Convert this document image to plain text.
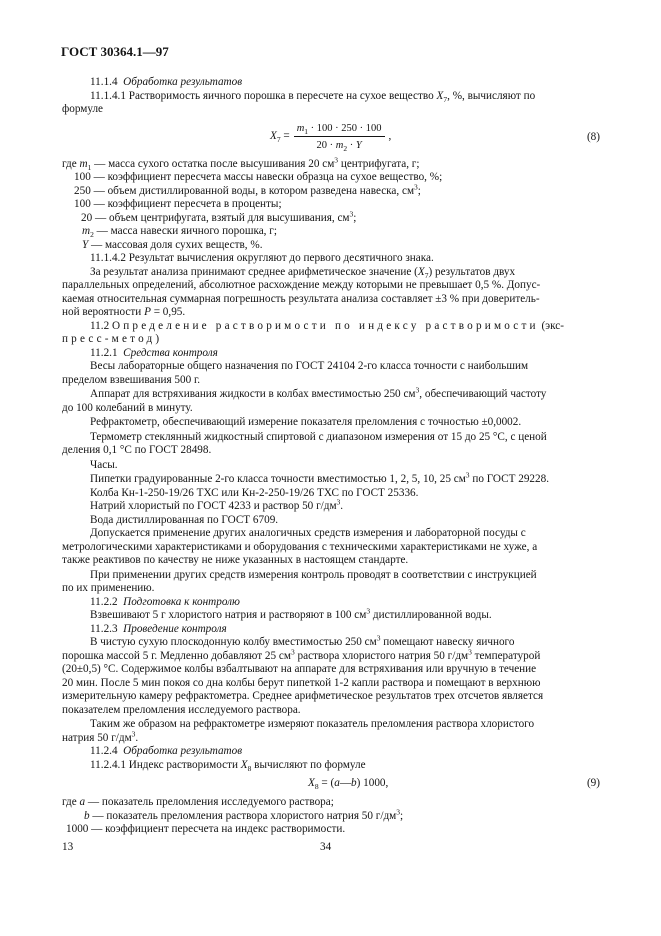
ГОСТ 30364.1—97
11.1.4 Обработка результатов
11.1.4.1 Растворимость яичного порошка в пересчете на сухое вещество $X_7$, %, вычисляют по
формуле
$X_7 = \frac{m_1 \cdot 100 \cdot 250 \cdot 100}{20 \cdot m_2 \cdot Y}$ ,	(8)
где $m_1$ — масса сухого остатка после высушивания 20 $см^3$ центрифугата, г;
100 — коэффициент пересчета массы навески образца на сухое вещество, %;
250 — объем дистиллированной воды, в котором разведена навеска, $см^3$;
100 — коэффициент пересчета в проценты;
20 — объем центрифугата, взятый для высушивания, $см^3$;
$m_2$ — масса навески яичного порошка, г;
Y — массовая доля сухих веществ, %.
11.1.4.2 Результат вычисления округляют до первого десятичного знака.
За результат анализа принимают среднее арифметическое значение $(X_7)$ результатов двух
параллельных определений, абсолютное расхождение между которыми не превышает 0,5 %. Допус-
каемая относительная суммарная погрешность результата анализа составляет ±3 % при доверитель-
ной вероятности P = 0,95.
11.2 Определение растворимости по индексу растворимости (экс-
пресс-метод)
11.2.1 Средства контроля
Весы лабораторные общего назначения по ГОСТ 24104 2-го класса точности с наибольшим
пределом взвешивания 500 г.
Аппарат для встряхивания жидкости в колбах вместимостью 250 $см^3$, обеспечивающий частоту
до 100 колебаний в минуту.
Рефрактометр, обеспечивающий измерение показателя преломления с точностью ±0,0002.
Термометр стеклянный жидкостный спиртовой с диапазоном измерения от 15 до 25 °С, с ценой
деления 0,1 °С по ГОСТ 28498.
Часы.
Пипетки градуированные 2-го класса точности вместимостью 1, 2, 5, 10, 25 $см^3$ по ГОСТ 29228.
Колба Кн-1-250-19/26 ТХС или Кн-2-250-19/26 ТХС по ГОСТ 25336.
Натрий хлористый по ГОСТ 4233 и раствор 50 $г/дм^3$.
Вода дистиллированная по ГОСТ 6709.
Допускается применение других аналогичных средств измерения и лабораторной посуды с
метрологическими характеристиками и оборудования с техническими характеристиками не хуже, а
также реактивов по качеству не ниже указанных в настоящем стандарте.
При применении других средств измерения контроль проводят в соответствии с инструкцией
по их применению.
11.2.2 Подготовка к контролю
Взвешивают 5 г хлористого натрия и растворяют в 100 $см^3$ дистиллированной воды.
11.2.3 Проведение контроля
В чистую сухую плоскодонную колбу вместимостью 250 $см^3$ помещают навеску яичного
порошка массой 5 г. Медленно добавляют 25 $см^3$ раствора хлористого натрия 50 $г/дм^3$ температурой
(20±0,5) °С. Содержимое колбы взбалтывают на аппарате для встряхивания или вручную в течение
20 мин. После 5 мин покоя со дна колбы берут пипеткой 1-2 капли раствора и помещают в верхнюю
измерительную камеру рефрактометра. Среднее арифметическое результатов трех отсчетов является
показателем преломления исследуемого раствора.
Таким же образом на рефрактометре измеряют показатель преломления раствора хлористого
натрия 50 $г/дм^3$.
11.2.4 Обработка результатов
11.2.4.1 Индекс растворимости $X_8$ вычисляют по формуле
$X_8$ = (a—b) 1000,	(9)
где a — показатель преломления исследуемого раствора;
b — показатель преломления раствора хлористого натрия 50 $г/дм^3$;
1000 — коэффициент пересчета на индекс растворимости.
13	34
